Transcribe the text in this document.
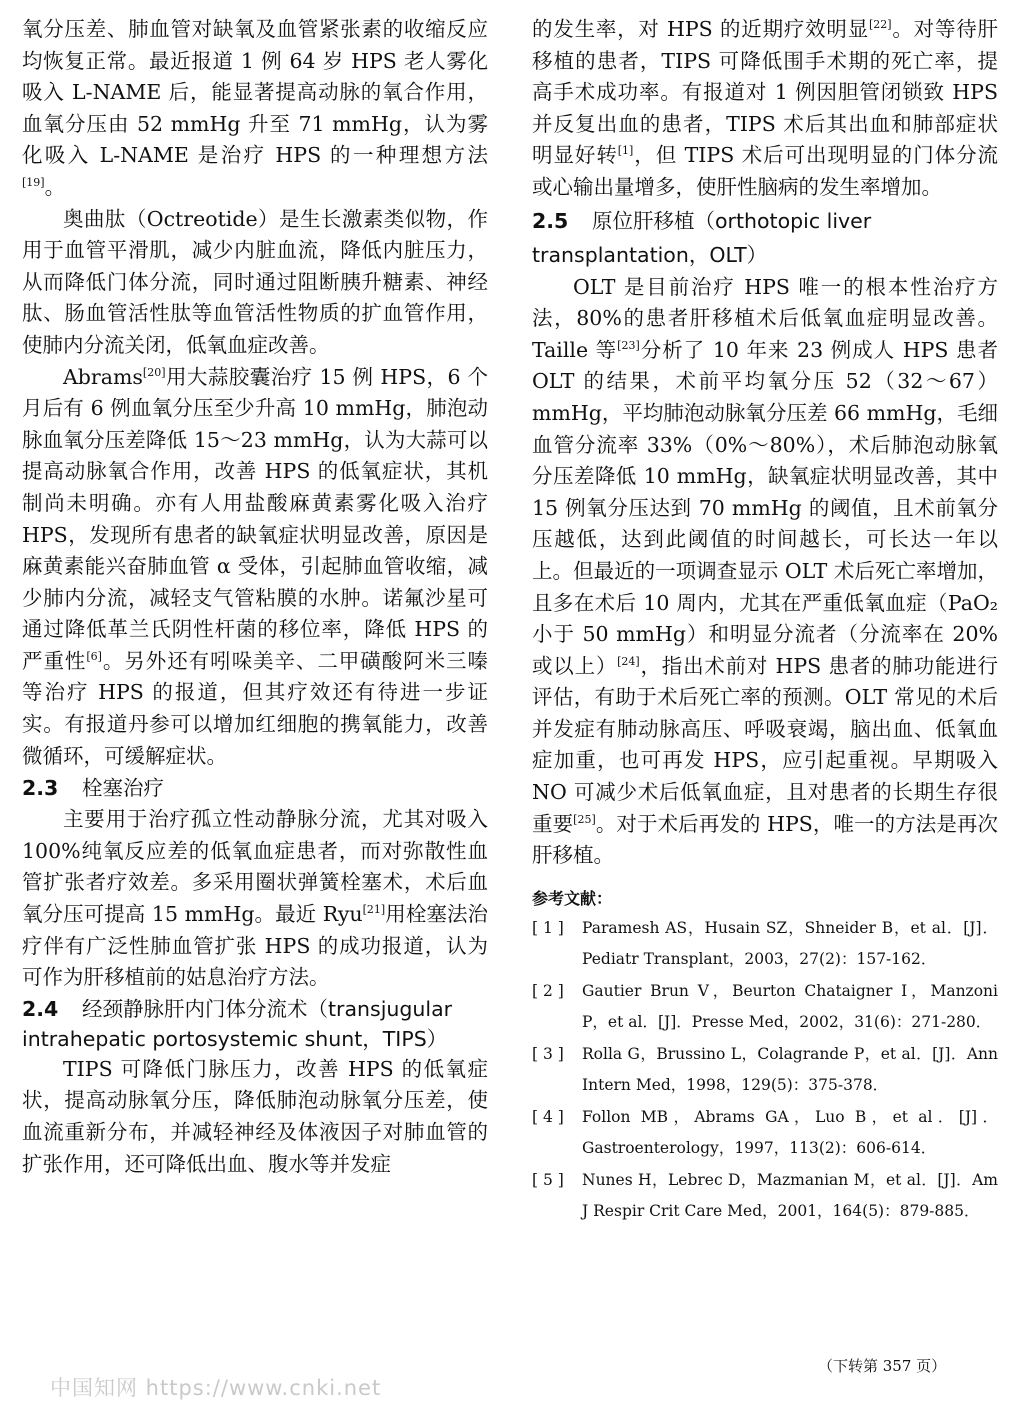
氧分压差、肺血管对缺氧及血管紧张素的收缩反应均恢复正常。最近报道 1 例 64 岁 HPS 老人雾化吸入 L-NAME 后，能显著提高动脉的氧合作用，血氧分压由 52 mmHg 升至 71 mmHg，认为雾化吸入 L-NAME 是治疗 HPS 的一种理想方法[19]。

奥曲肽（Octreotide）是生长激素类似物，作用于血管平滑肌，减少内脏血流，降低内脏压力，从而降低门体分流，同时通过阻断胰升糖素、神经肽、肠血管活性肽等血管活性物质的扩血管作用，使肺内分流关闭，低氧血症改善。

Abrams[20]用大蒜胶囊治疗 15 例 HPS，6 个月后有 6 例血氧分压至少升高 10 mmHg，肺泡动脉血氧分压差降低 15～23 mmHg，认为大蒜可以提高动脉氧合作用，改善 HPS 的低氧症状，其机制尚未明确。亦有人用盐酸麻黄素雾化吸入治疗 HPS，发现所有患者的缺氧症状明显改善，原因是麻黄素能兴奋肺血管 α 受体，引起肺血管收缩，减少肺内分流，减轻支气管粘膜的水肿。诺氟沙星可通过降低革兰氏阴性杆菌的移位率，降低 HPS 的严重性[6]。另外还有吲哚美辛、二甲磺酸阿米三嗪等治疗 HPS 的报道，但其疗效还有待进一步证实。有报道丹参可以增加红细胞的携氧能力，改善微循环，可缓解症状。

2.3 栓塞治疗

主要用于治疗孤立性动静脉分流，尤其对吸入 100%纯氧反应差的低氧血症患者，而对弥散性血管扩张者疗效差。多采用圈状弹簧栓塞术，术后血氧分压可提高 15 mmHg。最近 Ryu[21]用栓塞法治疗伴有广泛性肺血管扩张 HPS 的成功报道，认为可作为肝移植前的姑息治疗方法。

2.4 经颈静脉肝内门体分流术（transjugular intrahepatic portosystemic shunt，TIPS）

TIPS 可降低门脉压力，改善 HPS 的低氧症状，提高动脉氧分压，降低肺泡动脉氧分压差，使血流重新分布，并减轻神经及体液因子对肺血管的扩张作用，还可降低出血、腹水等并发症

的发生率，对 HPS 的近期疗效明显[22]。对等待肝移植的患者，TIPS 可降低围手术期的死亡率，提高手术成功率。有报道对 1 例因胆管闭锁致 HPS 并反复出血的患者，TIPS 术后其出血和肺部症状明显好转[1]，但 TIPS 术后可出现明显的门体分流或心输出量增多，使肝性脑病的发生率增加。

2.5 原位肝移植（orthotopic liver transplantation，OLT）

OLT 是目前治疗 HPS 唯一的根本性治疗方法，80%的患者肝移植术后低氧血症明显改善。Taille 等[23]分析了 10 年来 23 例成人 HPS 患者 OLT 的结果，术前平均氧分压 52（32～67）mmHg，平均肺泡动脉氧分压差 66 mmHg，毛细血管分流率 33%（0%～80%），术后肺泡动脉氧分压差降低 10 mmHg，缺氧症状明显改善，其中 15 例氧分压达到 70 mmHg 的阈值，且术前氧分压越低，达到此阈值的时间越长，可长达一年以上。但最近的一项调查显示 OLT 术后死亡率增加，且多在术后 10 周内，尤其在严重低氧血症（PaO₂ 小于 50 mmHg）和明显分流者（分流率在 20%或以上）[24]，指出术前对 HPS 患者的肺功能进行评估，有助于术后死亡率的预测。OLT 常见的术后并发症有肺动脉高压、呼吸衰竭，脑出血、低氧血症加重，也可再发 HPS，应引起重视。早期吸入 NO 可减少术后低氧血症，且对患者的长期生存很重要[25]。对于术后再发的 HPS，唯一的方法是再次肝移植。

参考文献：
[ 1 ]	Paramesh AS，Husain SZ，Shneider B，et al．[J]．Pediatr Transplant，2003，27(2)：157-162．
[ 2 ]	Gautier Brun V，Beurton Chataigner I，Manzoni P，et al．[J]．Presse Med，2002，31(6)：271-280．
[ 3 ]	Rolla G，Brussino L，Colagrande P，et al．[J]．Ann Intern Med，1998，129(5)：375-378．
[ 4 ]	Follon MB，Abrams GA，Luo B，et al．[J]．Gastroenterology，1997，113(2)：606-614．
[ 5 ]	Nunes H，Lebrec D，Mazmanian M，et al．[J]．Am J Respir Crit Care Med，2001，164(5)：879-885．
（下转第 357 页）
中国知网 https://www.cnki.net
